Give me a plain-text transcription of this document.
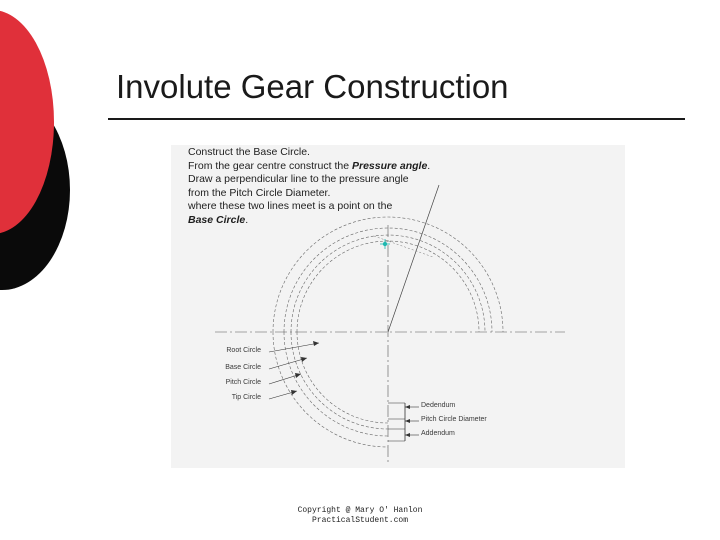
Involute Gear Construction
Construct the Base Circle.
From the gear centre construct the Pressure angle.
Draw a perpendicular line to the pressure angle
from the Pitch Circle Diameter.
where these two lines meet is a point on the
Base Circle.
Root Circle
Base Circle
Pitch Circle
Tip Circle
Dedendum
Pitch Circle Diameter
Addendum
Copyright @ Mary O' Hanlon
PracticalStudent.com
